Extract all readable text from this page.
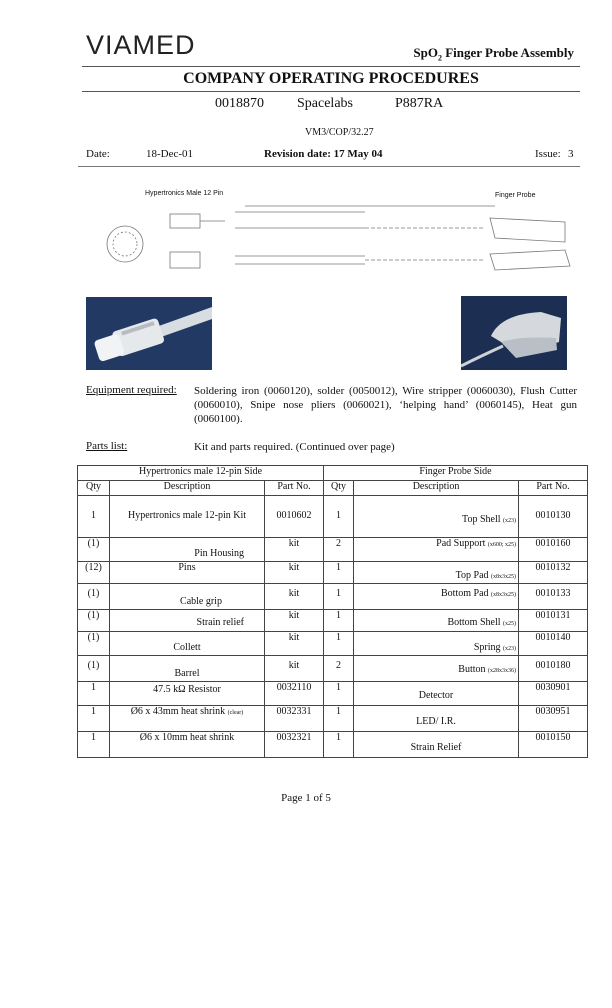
VIAMED	SpO$_2$ Finger Probe Assembly
COMPANY OPERATING PROCEDURES
0018870 Spacelabs	P887RA
VM3/COP/32.27
Date:	18-Dec-01	Revision date: 17 May 04	Issue: 3
Hypertronics Male 12 Pin	Finger Probe
Equipment required: Soldering iron (0060120), solder (0050012), Wire stripper (0060030), Flush Cutter (0060010), Snipe nose pliers (0060021), ‘helping hand’ (0060145), Heat gun (0060100).
Parts list:	Kit and parts required. (Continued over page)
Hypertronics male 12-pin Side			Finger Probe Side		
Qty	Description	Part No.	Qty	Description	Part No.
1	Hypertronics male 12-pin Kit	0010602	1	Top Shell (x23)	0010130
(1)	Pin Housing	kit	2	Pad Support (x600; x25)	0010160
(12)	Pins	kit	1	Top Pad (x8x3x25)	0010132
(1)	Cable grip	kit	1	Bottom Pad (x8x3x25)	0010133
(1)	Strain relief	kit	1	Bottom Shell (x25)	0010131
(1)	Collett	kit	1	Spring (x23)	0010140
(1)	Barrel	kit	2	Button (x28x3x36)	0010180
1	47.5 kΩ Resistor	0032110	1	Detector	0030901
1	Ø6 x 43mm heat shrink (clear)	0032331	1	LED/ I.R.	0030951
1	Ø6 x 10mm heat shrink	0032321	1	Strain Relief	0010150
Page 1 of 5
